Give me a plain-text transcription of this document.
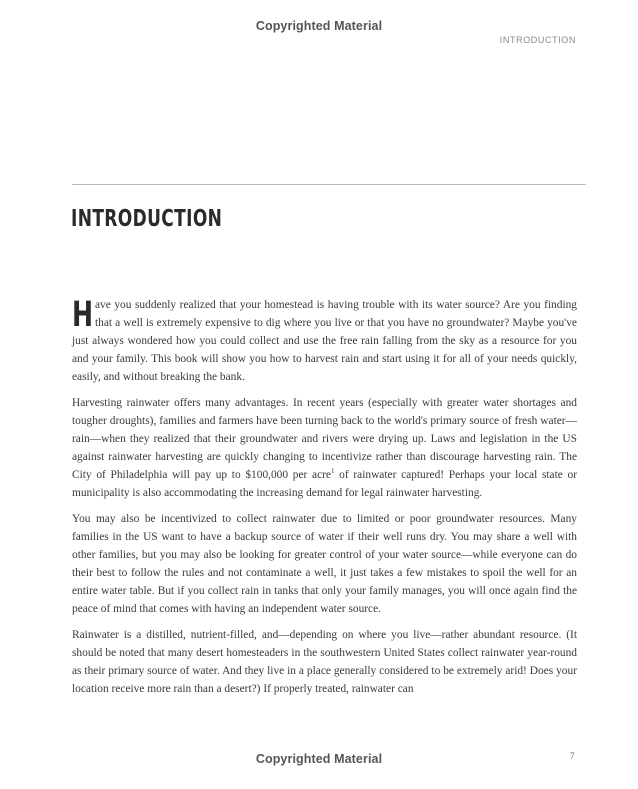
Copyrighted Material
INTRODUCTION
INTRODUCTION

Have you suddenly realized that your homestead is having trouble with its water source? Are you finding that a well is extremely expensive to dig where you live or that you have no groundwater? Maybe you've just always wondered how you could collect and use the free rain falling from the sky as a resource for you and your family. This book will show you how to harvest rain and start using it for all of your needs quickly, easily, and without breaking the bank.

Harvesting rainwater offers many advantages. In recent years (especially with greater water shortages and tougher droughts), families and farmers have been turning back to the world's primary source of fresh water—rain—when they realized that their groundwater and rivers were drying up. Laws and legislation in the US against rainwater harvesting are quickly changing to incentivize rather than discourage harvesting rain. The City of Philadelphia will pay up to $100,000 per acre$^1$ of rainwater captured! Perhaps your local state or municipality is also accommodating the increasing demand for legal rainwater harvesting.

You may also be incentivized to collect rainwater due to limited or poor groundwater resources. Many families in the US want to have a backup source of water if their well runs dry. You may share a well with other families, but you may also be looking for greater control of your water source—while everyone can do their best to follow the rules and not contaminate a well, it just takes a few mistakes to spoil the well for an entire water table. But if you collect rain in tanks that only your family manages, you will once again find the peace of mind that comes with having an independent water source.

Rainwater is a distilled, nutrient-filled, and—depending on where you live—rather abundant resource. (It should be noted that many desert homesteaders in the southwestern United States collect rainwater year-round as their primary source of water. And they live in a place generally considered to be extremely arid! Does your location receive more rain than a desert?) If properly treated, rainwater can

Copyrighted Material	7
